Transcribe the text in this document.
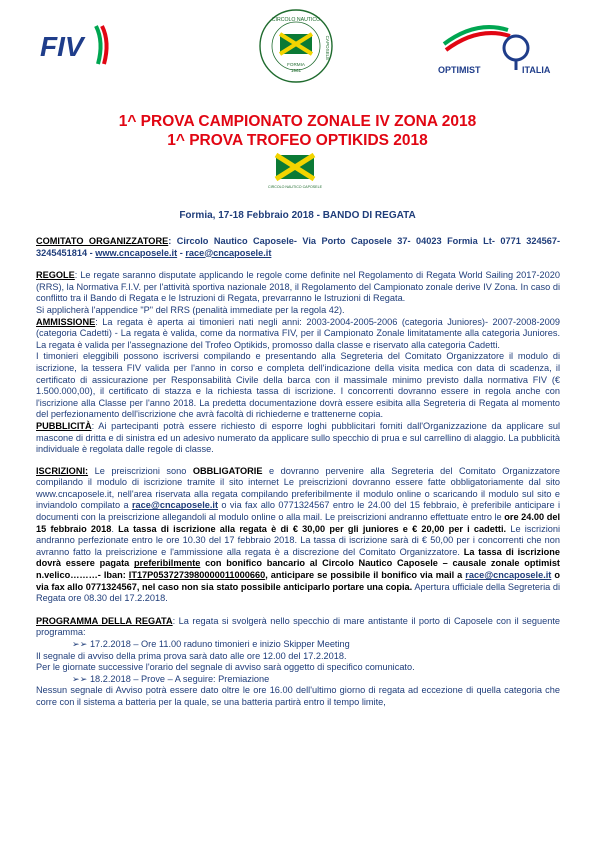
FIV
CIRCOLO NAUTICO
CAPOSELE
FORMIA
1961	OPTIMIST	ITALIA
1^ PROVA CAMPIONATO ZONALE IV ZONA 2018
1^ PROVA TROFEO OPTIKIDS 2018
CIRCOLO NAUTICO CAPOSELE
Formia, 17-18 Febbraio 2018 - BANDO DI REGATA

COMITATO ORGANIZZATORE: Circolo Nautico Caposele- Via Porto Caposele 37- 04023 Formia Lt- 0771 324567- 3245451814 - www.cncaposele.it - race@cncaposele.it

REGOLE: Le regate saranno disputate applicando le regole come definite nel Regolamento di Regata World Sailing 2017-2020 (RRS), la Normativa F.I.V. per l'attività sportiva nazionale 2018, il Regolamento del Campionato zonale derive IV Zona. In caso di conflitto tra il Bando di Regata e le Istruzioni di Regata, prevarranno le Istruzioni di Regata.

Si applicherà l'appendice "P" del RRS (penalità immediate per la regola 42).

AMMISSIONE: La regata è aperta ai timonieri nati negli anni: 2003-2004-2005-2006 (categoria Juniores)- 2007-2008-2009 (categoria Cadetti) - La regata è valida, come da normativa FIV, per il Campionato Zonale limitatamente alla categoria Juniores. La regata è valida per l'assegnazione del Trofeo Optikids, promosso dalla classe e riservato alla categoria Cadetti.

I timonieri eleggibili possono iscriversi compilando e presentando alla Segreteria del Comitato Organizzatore il modulo di iscrizione, la tessera FIV valida per l'anno in corso e completa dell'indicazione della visita medica con data di scadenza, il certificato di assicurazione per Responsabilità Civile della barca con il massimale minimo previsto dalla normativa FIV (€ 1.500.000,00), il certificato di stazza e la richiesta tassa di iscrizione. I concorrenti dovranno essere in regola anche con l'iscrizione alla Classe per l'anno 2018. La predetta documentazione dovrà essere esibita alla Segreteria di Regata al momento del perfezionamento dell'iscrizione che avrà facoltà di richiederne e trattenerne copia.

PUBBLICITÀ: Ai partecipanti potrà essere richiesto di esporre loghi pubblicitari forniti dall'Organizzazione da applicare sul mascone di dritta e di sinistra ed un adesivo numerato da applicare sullo specchio di prua e sul carrellino di alaggio. La pubblicità individuale è regolata dalle regole di classe.

ISCRIZIONI: Le preiscrizioni sono OBBLIGATORIE e dovranno pervenire alla Segreteria del Comitato Organizzatore compilando il modulo di iscrizione tramite il sito internet Le preiscrizioni dovranno essere fatte obbligatoriamente dal sito www.cncaposele.it, nell'area riservata alla regata compilando preferibilmente il modulo online o scaricando il modulo sul sito e inviandolo compilato a race@cncaposele.it o via fax allo 0771324567 entro le 24.00 del 15 febbraio, è preferibile anticipare i documenti con la preiscrizione allegandoli al modulo online o alla mail. Le preiscrizioni andranno effettuate entro le ore 24.00 del 15 febbraio 2018. La tassa di iscrizione alla regata è di € 30,00 per gli juniores e € 20,00 per i cadetti. Le iscrizioni andranno perfezionate entro le ore 10.30 del 17 febbraio 2018. La tassa di iscrizione sarà di € 50,00 per i concorrenti che non avranno fatto la preiscrizione e l'ammissione alla regata è a discrezione del Comitato Organizzatore. La tassa di iscrizione dovrà essere pagata preferibilmente con bonifico bancario al Circolo Nautico Caposele – causale zonale optimist n.velico………- Iban: IT17P0537273980000011000660, anticipare se possibile il bonifico via mail a race@cncaposele.it o via fax allo 0771324567, nel caso non sia stato possibile anticiparlo portare una copia. Apertura ufficiale della Segreteria di Regata ore 08.30 del 17.2.2018.

PROGRAMMA DELLA REGATA: La regata si svolgerà nello specchio di mare antistante il porto di Caposele con il seguente programma:

➢➢ 17.2.2018 – Ore 11.00 raduno timonieri e inizio Skipper Meeting

Il segnale di avviso della prima prova sarà dato alle ore 12.00 del 17.2.2018.

Per le giornate successive l'orario del segnale di avviso sarà oggetto di specifico comunicato.

➢➢ 18.2.2018 – Prove – A seguire: Premiazione

Nessun segnale di Avviso potrà essere dato oltre le ore 16.00 dell'ultimo giorno di regata ad eccezione di quella categoria che corre con il sistema a batteria per la quale, se una batteria partirà entro il tempo limite,
